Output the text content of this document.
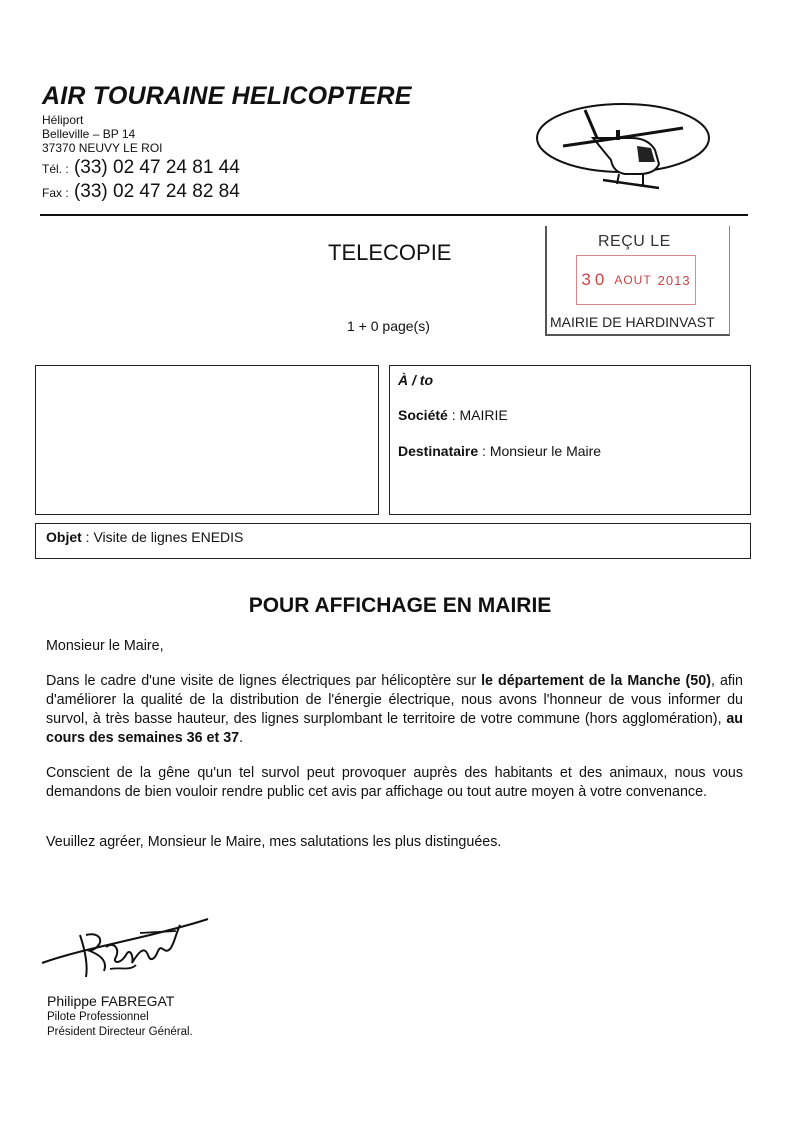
AIR TOURAINE HELICOPTERE
Héliport
Belleville – BP 14
37370 NEUVY LE ROI
Tél. : (33) 02 47 24 81 44
Fax : (33) 02 47 24 82 84
TELECOPIE
1 + 0 page(s)
REÇU LE
30 AOUT 2013
MAIRIE DE HARDINVAST
À / to
Société : MAIRIE
Destinataire : Monsieur le Maire
Objet : Visite de lignes ENEDIS
POUR AFFICHAGE EN MAIRIE
Monsieur le Maire,
Dans le cadre d'une visite de lignes électriques par hélicoptère sur le département de la Manche (50), afin d'améliorer la qualité de la distribution de l'énergie électrique, nous avons l'honneur de vous informer du survol, à très basse hauteur, des lignes surplombant le territoire de votre commune (hors agglomération), au cours des semaines 36 et 37.
Conscient de la gêne qu'un tel survol peut provoquer auprès des habitants et des animaux, nous vous demandons de bien vouloir rendre public cet avis par affichage ou tout autre moyen à votre convenance.
Veuillez agréer, Monsieur le Maire, mes salutations les plus distinguées.
Philippe FABREGAT
Pilote Professionnel
Président Directeur Général.
